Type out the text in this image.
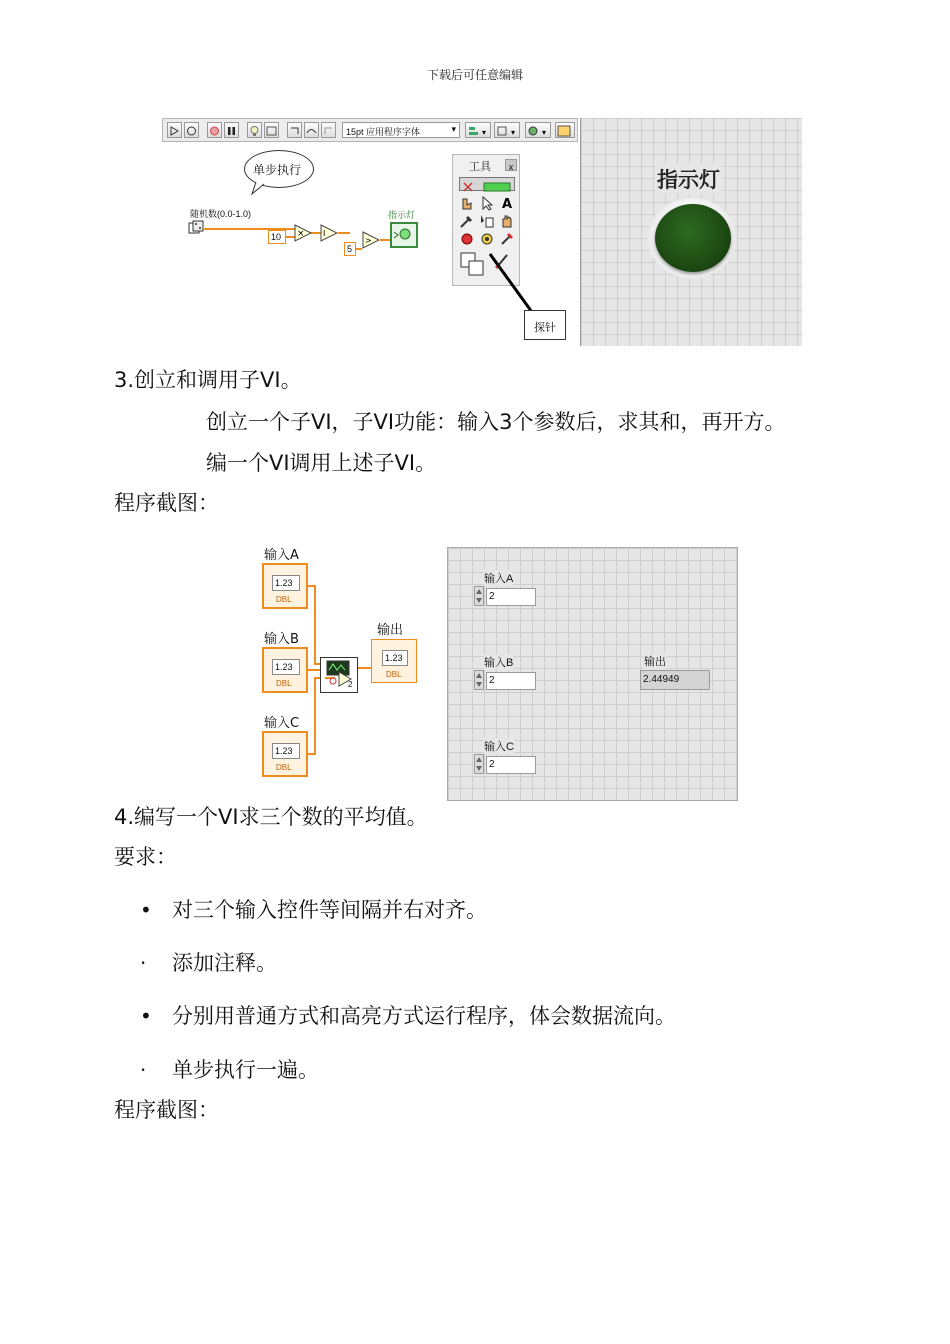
下载后可任意编辑
15pt 应用程序字体	▾	▾	▾	▾
单步执行
随机数(0.0-1.0)
10 × I
5
>
指示灯
工具	x
A
探针
指示灯
3.创立和调用子VI。
创立一个子VI，子VI功能：输入3个参数后，求其和，再开方。
编一个VI调用上述子VI。
程序截图：
输入A
1.23
DBL
输入B
1.23
DBL
输入C
1.23
DBL
2
输出
1.23
DBL
输入A
2
输入B
2
输入C
2
输出
2.44949
4.编写一个VI求三个数的平均值。
要求：
• 对三个输入控件等间隔并右对齐。
· 添加注释。
• 分别用普通方式和高亮方式运行程序，体会数据流向。
· 单步执行一遍。
程序截图：
